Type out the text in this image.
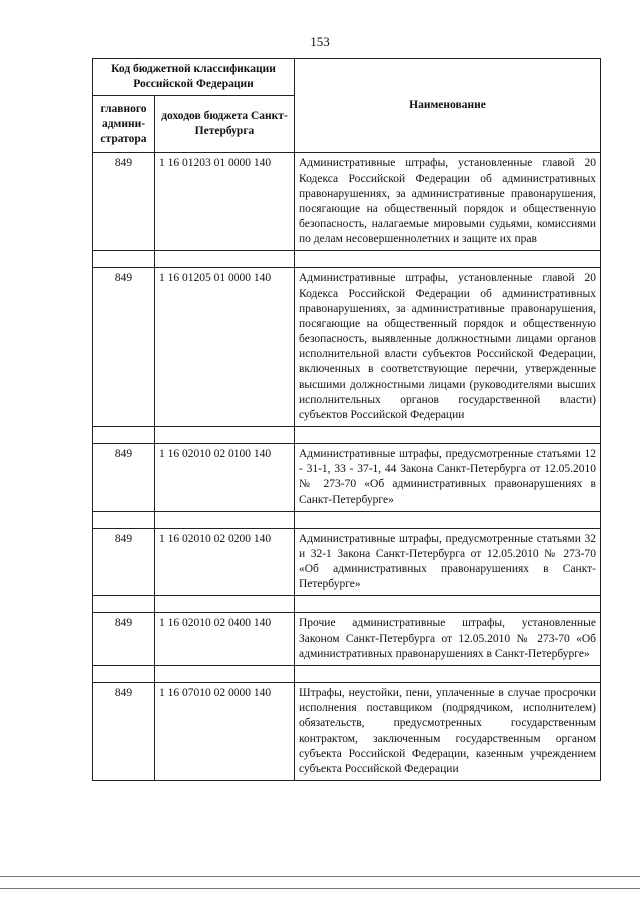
153
Код бюджетной классификации Российской Федерации		Наименование
главного админи-стратора	доходов бюджета Санкт-Петербурга	
849	1 16 01203 01 0000 140	Административные штрафы, установленные главой 20 Кодекса Российской Федерации об административных правонарушениях, за административные правонарушения, посягающие на общественный порядок и общественную безопасность, налагаемые мировыми судьями, комиссиями по делам несовершеннолетних и защите их прав

849	1 16 01205 01 0000 140	Административные штрафы, установленные главой 20 Кодекса Российской Федерации об административных правонарушениях, за административные правонарушения, посягающие на общественный порядок и общественную безопасность, выявленные должностными лицами органов исполнительной власти субъектов Российской Федерации, включенных в соответствующие перечни, утвержденные высшими должностными лицами (руководителями высших исполнительных органов государственной власти) субъектов Российской Федерации

849	1 16 02010 02 0100 140	Административные штрафы, предусмотренные статьями 12 - 31-1, 33 - 37-1, 44 Закона Санкт-Петербурга от 12.05.2010 № 273-70 «Об административных правонарушениях в Санкт-Петербурге»

849	1 16 02010 02 0200 140	Административные штрафы, предусмотренные статьями 32 и 32-1 Закона Санкт-Петербурга от 12.05.2010 № 273-70 «Об административных правонарушениях в Санкт-Петербурге»

849	1 16 02010 02 0400 140	Прочие административные штрафы, установленные Законом Санкт-Петербурга от 12.05.2010 № 273-70 «Об административных правонарушениях в Санкт-Петербурге»

849	1 16 07010 02 0000 140	Штрафы, неустойки, пени, уплаченные в случае просрочки исполнения поставщиком (подрядчиком, исполнителем) обязательств, предусмотренных государственным контрактом, заключенным государственным органом субъекта Российской Федерации, казенным учреждением субъекта Российской Федерации
